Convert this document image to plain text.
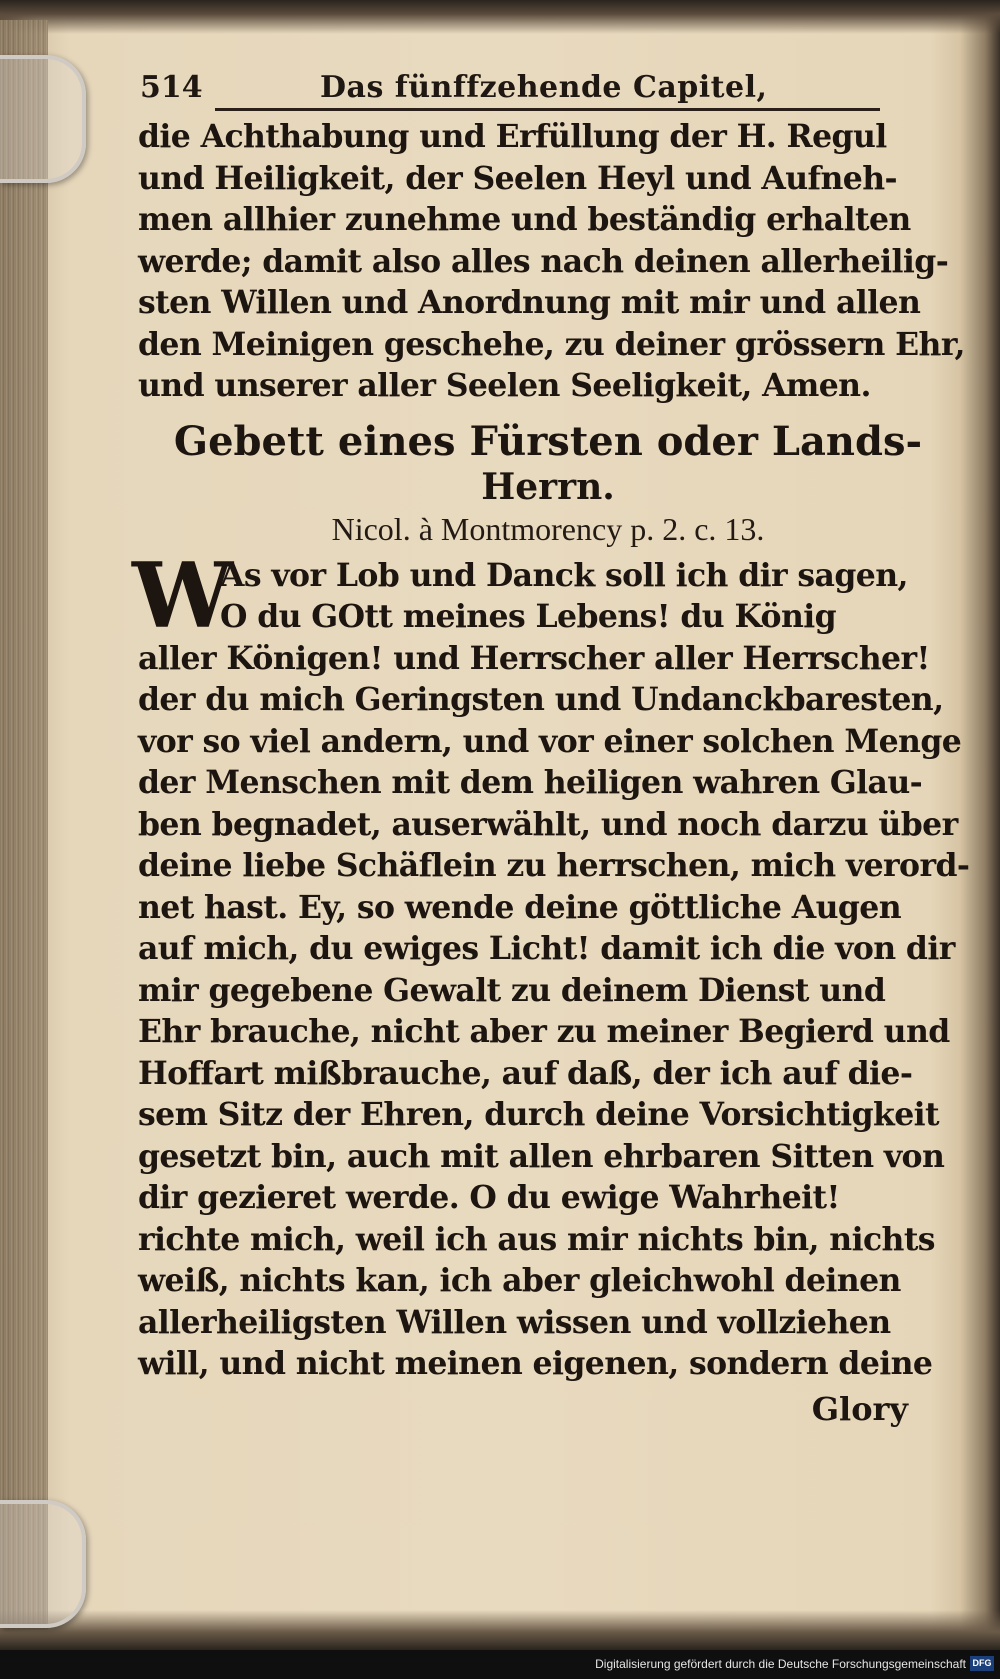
514	Das fünffzehende Capitel,
die Achthabung und Erfüllung der H. Regul
und Heiligkeit, der Seelen Heyl und Aufneh-
men allhier zunehme und beständig erhalten
werde; damit also alles nach deinen allerheilig-
sten Willen und Anordnung mit mir und allen
den Meinigen geschehe, zu deiner grössern Ehr,
und unserer aller Seelen Seeligkeit, Amen.
Gebett eines Fürsten oder Lands-
Herrn.
Nicol. à Montmorency p. 2. c. 13.
W
As vor Lob und Danck soll ich dir sagen,
O du GOtt meines Lebens! du König
aller Königen! und Herrscher aller Herrscher!
der du mich Geringsten und Undanckbaresten,
vor so viel andern, und vor einer solchen Menge
der Menschen mit dem heiligen wahren Glau-
ben begnadet, auserwählt, und noch darzu über
deine liebe Schäflein zu herrschen, mich verord-
net hast. Ey, so wende deine göttliche Augen
auf mich, du ewiges Licht! damit ich die von dir
mir gegebene Gewalt zu deinem Dienst und
Ehr brauche, nicht aber zu meiner Begierd und
Hoffart mißbrauche, auf daß, der ich auf die-
sem Sitz der Ehren, durch deine Vorsichtigkeit
gesetzt bin, auch mit allen ehrbaren Sitten von
dir gezieret werde. O du ewige Wahrheit!
richte mich, weil ich aus mir nichts bin, nichts
weiß, nichts kan, ich aber gleichwohl deinen
allerheiligsten Willen wissen und vollziehen
will, und nicht meinen eigenen, sondern deine
Glory
Digitalisierung gefördert durch die Deutsche Forschungsgemeinschaft DFG
